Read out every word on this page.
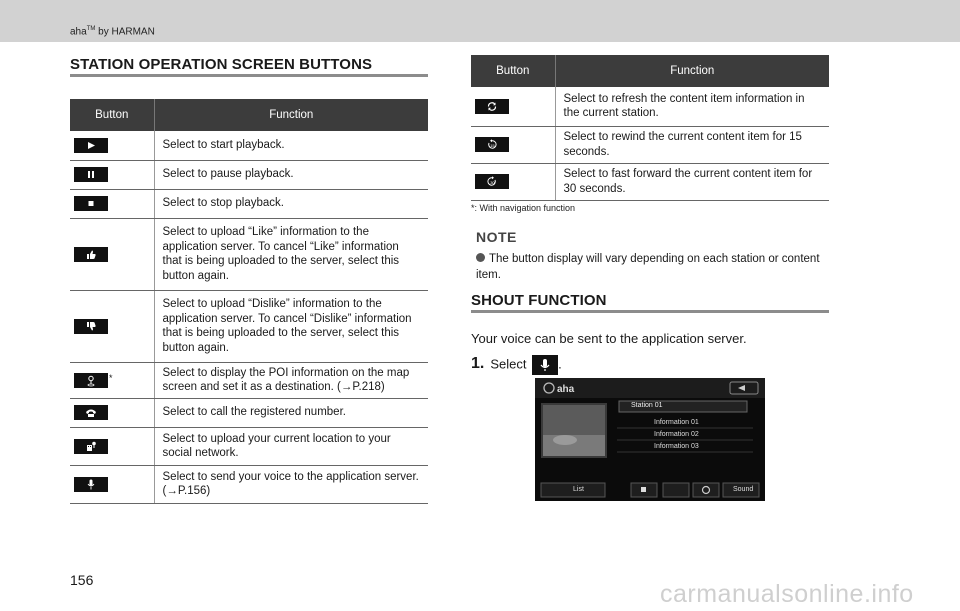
aha™ by HARMAN
STATION OPERATION SCREEN BUTTONS
Button	Function

	Select to start playback.

	Select to pause playback.

	Select to stop playback.

	Select to upload “Like” information to the application server. To cancel “Like” information that is being uploaded to the server, select this button again.

	Select to upload “Dislike” information to the application server. To cancel “Dislike” information that is being uploaded to the server, select this button again.

*	Select to display the POI information on the map screen and set it as a destination. (→P.218)

	Select to call the registered number.

	Select to upload your current location to your social network.

	Select to send your voice to the application server. (→P.156)
Button	Function

	Select to refresh the content item information in the current station.

15	Select to rewind the current content item for 15 seconds.

30	Select to fast forward the current content item for 30 seconds.
*: With navigation function
NOTE
The button display will vary depending on each station or content item.
SHOUT FUNCTION
Your voice can be sent to the application server.
1. Select .
aha
Station 01
Information 01
Information 02
Information 03
List	Sound
156	carmanualsonline.info
